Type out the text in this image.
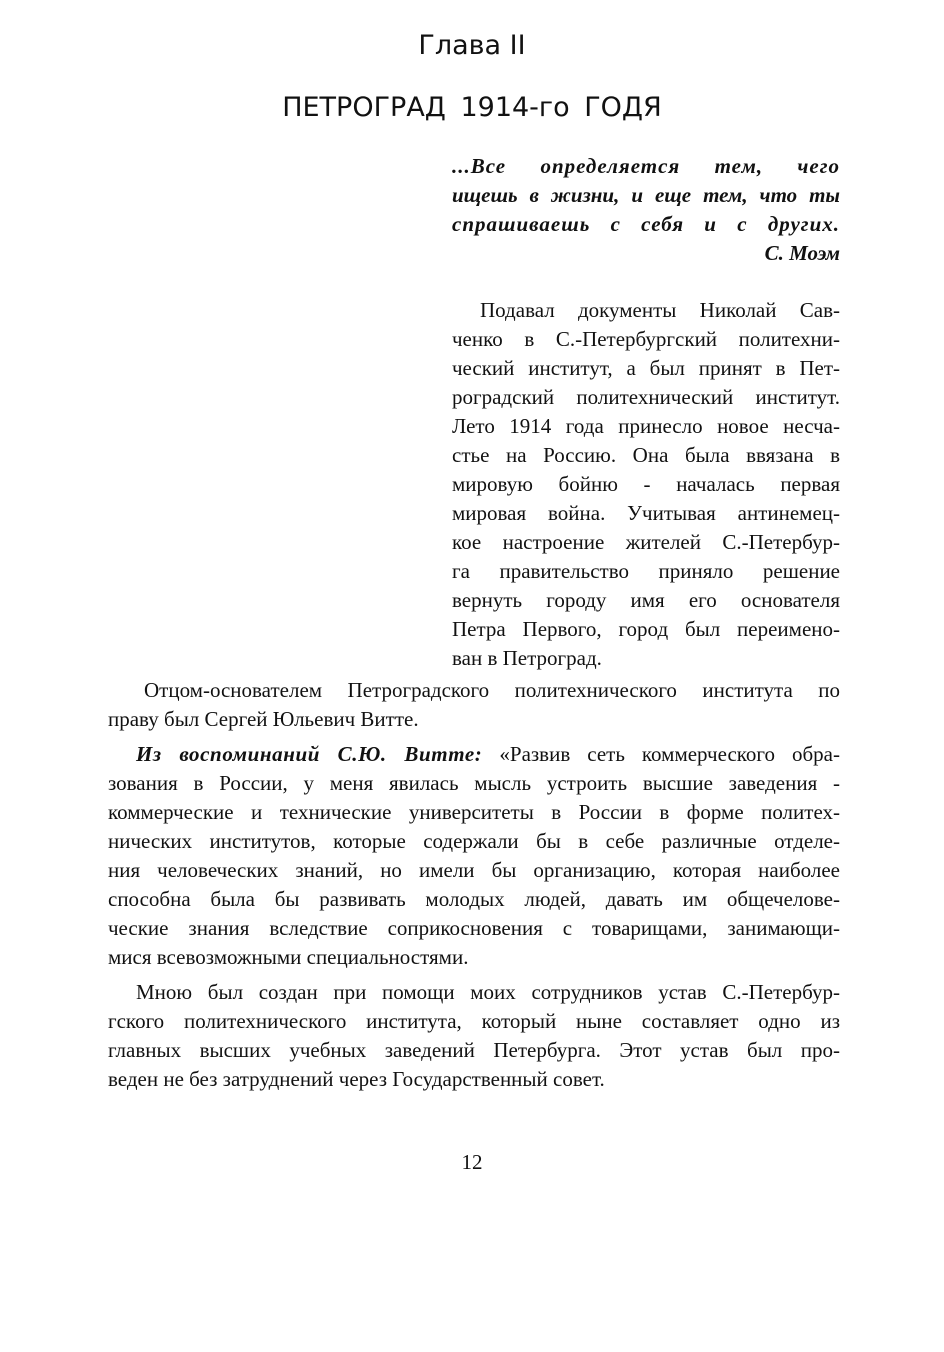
Глава II
ПЕТРОГРАД 1914-го ГОДЯ
...Все определяется тем, чего
ищешь в жизни, и еще тем, что ты
спрашиваешь с себя и с других.
С. Моэм
Подавал документы Николай Сав-
ченко в С.-Петербургский политехни-
ческий институт, а был принят в Пет-
роградский политехнический институт.
Лето 1914 года принесло новое несча-
стье на Россию. Она была ввязана в
мировую бойню - началась первая
мировая война. Учитывая антинемец-
кое настроение жителей С.-Петербур-
га правительство приняло решение
вернуть городу имя его основателя
Петра Первого, город был переимено-
ван в Петроград.
Отцом-основателем Петроградского политехнического института по
праву был Сергей Юльевич Витте.
Из воспоминаний С.Ю. Витте: «Развив сеть коммерческого обра-
зования в России, у меня явилась мысль устроить высшие заведения -
коммерческие и технические университеты в России в форме политех-
нических институтов, которые содержали бы в себе различные отделе-
ния человеческих знаний, но имели бы организацию, которая наиболее
способна была бы развивать молодых людей, давать им общечелове-
ческие знания вследствие соприкосновения с товарищами, занимающи-
мися всевозможными специальностями.
Мною был создан при помощи моих сотрудников устав С.-Петербур-
гского политехнического института, который ныне составляет одно из
главных высших учебных заведений Петербурга. Этот устав был про-
веден не без затруднений через Государственный совет.
12
